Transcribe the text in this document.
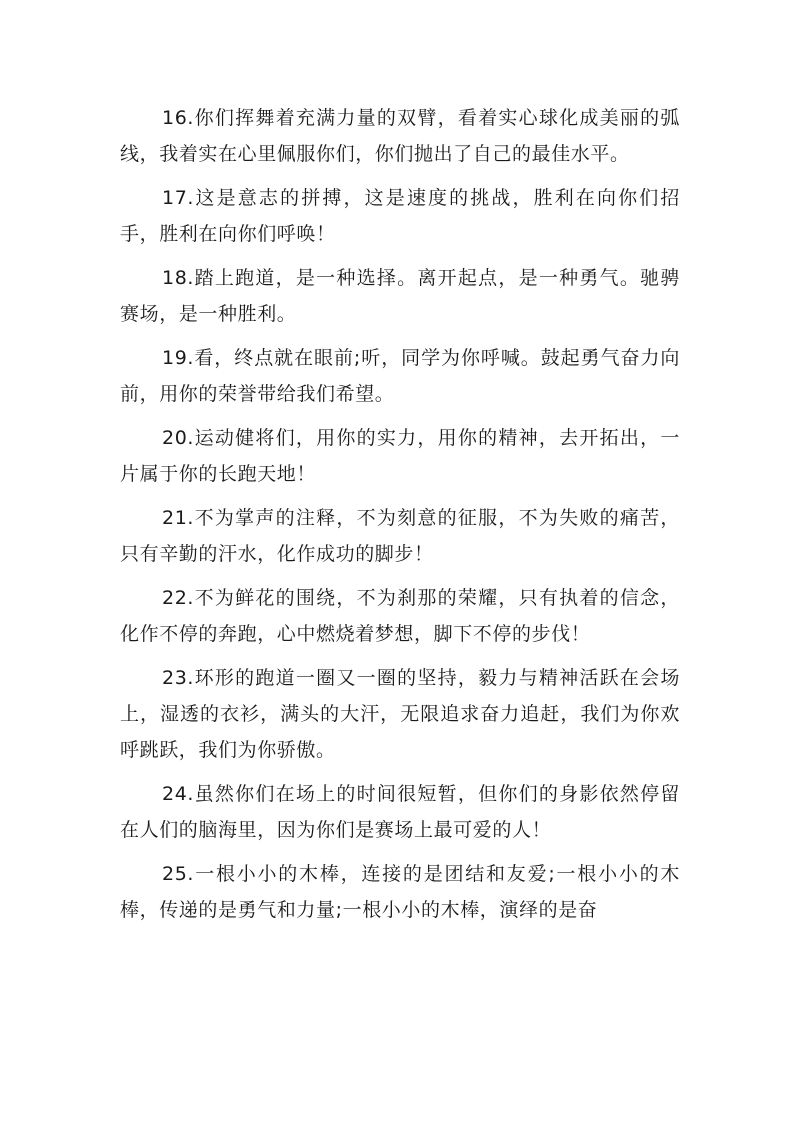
16.你们挥舞着充满力量的双臂，看着实心球化成美丽的弧线，我着实在心里佩服你们，你们抛出了自己的最佳水平。

17.这是意志的拼搏，这是速度的挑战，胜利在向你们招手，胜利在向你们呼唤！

18.踏上跑道，是一种选择。离开起点，是一种勇气。驰骋赛场，是一种胜利。

19.看，终点就在眼前;听，同学为你呼喊。鼓起勇气奋力向前，用你的荣誉带给我们希望。

20.运动健将们，用你的实力，用你的精神，去开拓出，一片属于你的长跑天地！

21.不为掌声的注释，不为刻意的征服，不为失败的痛苦，只有辛勤的汗水，化作成功的脚步！

22.不为鲜花的围绕，不为刹那的荣耀，只有执着的信念，化作不停的奔跑，心中燃烧着梦想，脚下不停的步伐！

23.环形的跑道一圈又一圈的坚持，毅力与精神活跃在会场上，湿透的衣衫，满头的大汗，无限追求奋力追赶，我们为你欢呼跳跃，我们为你骄傲。

24.虽然你们在场上的时间很短暂，但你们的身影依然停留在人们的脑海里，因为你们是赛场上最可爱的人！

25.一根小小的木棒，连接的是团结和友爱;一根小小的木棒，传递的是勇气和力量;一根小小的木棒，演绎的是奋
